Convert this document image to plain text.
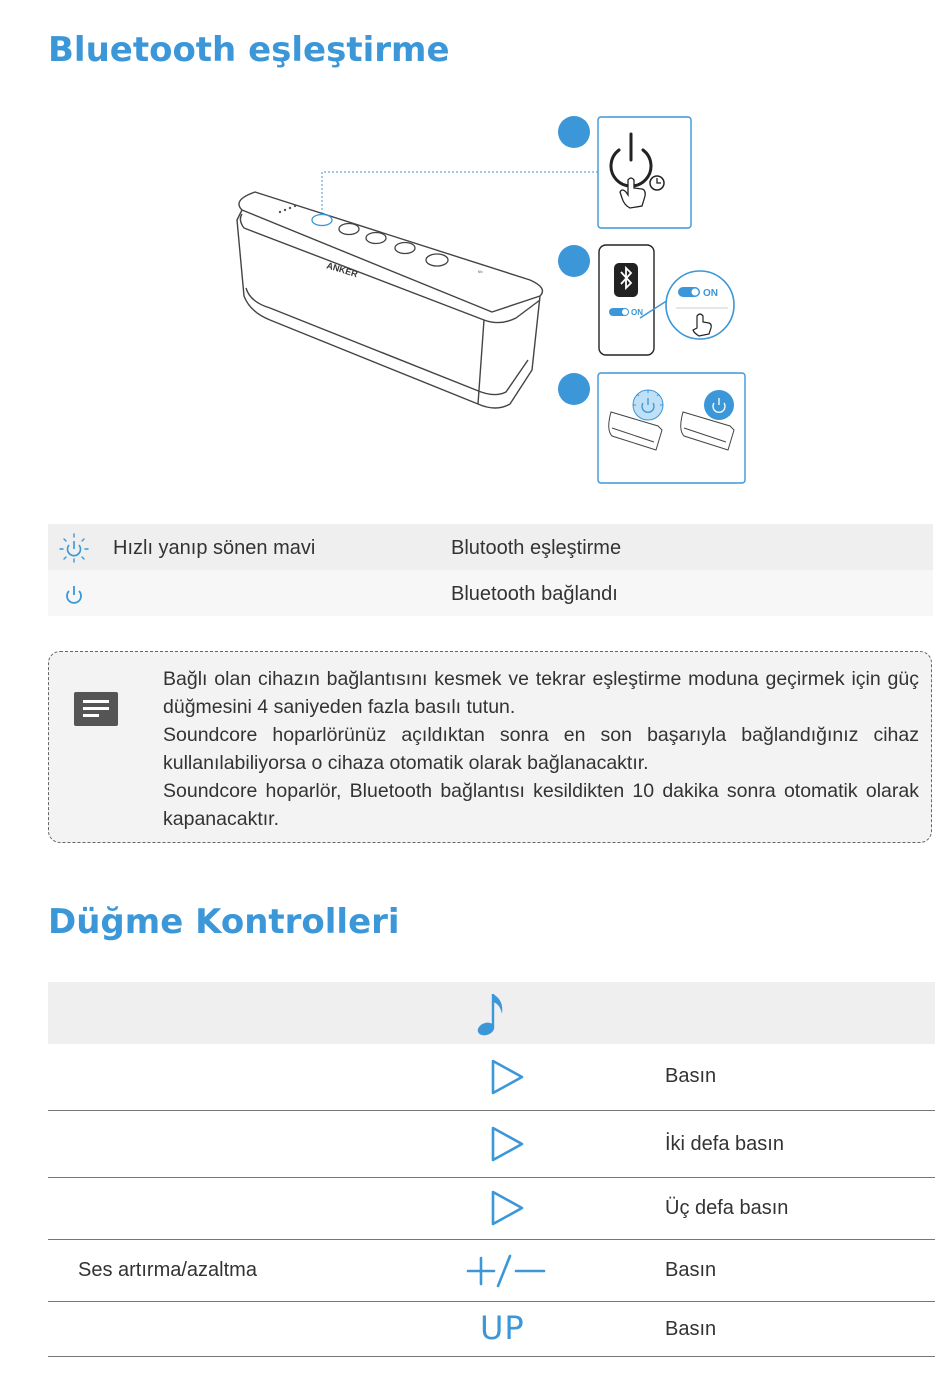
Bluetooth eşleştirme
ANKER	ᴺᶠᶜ
ON
ON
Hızlı yanıp sönen mavi	Blutooth eşleştirme
Bluetooth bağlandı

Bağlı olan cihazın bağlantısını kesmek ve tekrar eşleştirme moduna geçirmek için güç düğmesini 4 saniyeden fazla basılı tutun.

Soundcore hoparlörünüz açıldıktan sonra en son başarıyla bağlandığınız cihaz kullanılabiliyorsa o cihaza otomatik olarak bağlanacaktır.

Soundcore hoparlör, Bluetooth bağlantısı kesildikten 10 dakika sonra otomatik olarak kapanacaktır.

Düğme Kontrolleri
Basın
İki defa basın
Üç defa basın
Ses artırma/azaltma	Basın
UP	Basın
